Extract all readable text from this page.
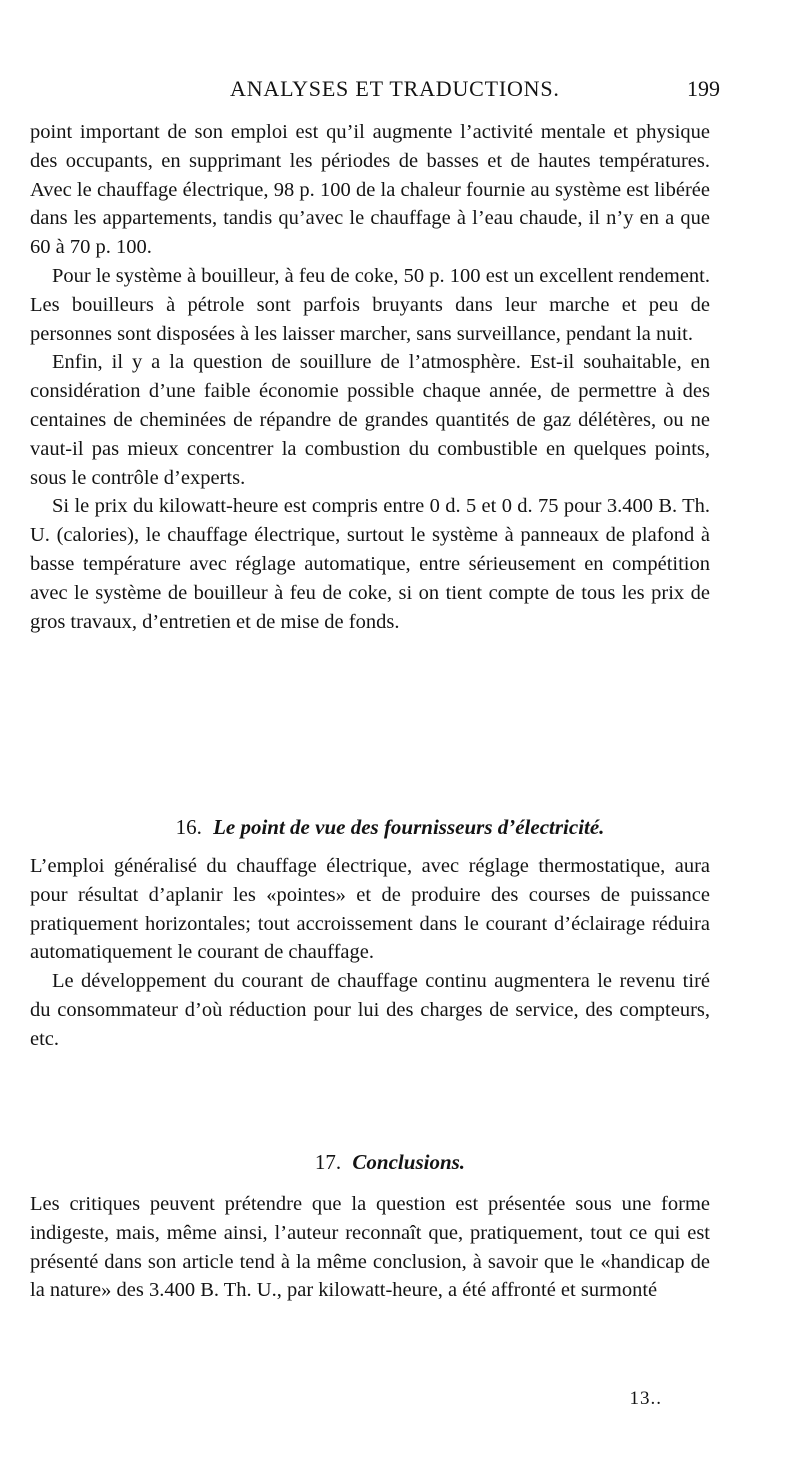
ANALYSES ET TRADUCTIONS.	199

point important de son emploi est qu’il augmente l’activité mentale et physique des occupants, en supprimant les périodes de basses et de hautes températures. Avec le chauffage électrique, 98 p. 100 de la chaleur fournie au système est libérée dans les appartements, tandis qu’avec le chauffage à l’eau chaude, il n’y en a que 60 à 70 p. 100.

Pour le système à bouilleur, à feu de coke, 50 p. 100 est un excellent rendement. Les bouilleurs à pétrole sont parfois bruyants dans leur marche et peu de personnes sont disposées à les laisser marcher, sans surveillance, pendant la nuit.

Enfin, il y a la question de souillure de l’atmosphère. Est-il souhaitable, en considération d’une faible économie possible chaque année, de permettre à des centaines de cheminées de répandre de grandes quantités de gaz délétères, ou ne vaut-il pas mieux concentrer la combustion du combustible en quelques points, sous le contrôle d’experts.

Si le prix du kilowatt-heure est compris entre 0 d. 5 et 0 d. 75 pour 3.400 B. Th. U. (calories), le chauffage électrique, surtout le système à panneaux de plafond à basse température avec réglage automatique, entre sérieusement en compétition avec le système de bouilleur à feu de coke, si on tient compte de tous les prix de gros travaux, d’entretien et de mise de fonds.

16. Le point de vue des fournisseurs d’électricité.

L’emploi généralisé du chauffage électrique, avec réglage thermostatique, aura pour résultat d’aplanir les «pointes» et de produire des courses de puissance pratiquement horizontales; tout accroissement dans le courant d’éclairage réduira automatiquement le courant de chauffage.

Le développement du courant de chauffage continu augmentera le revenu tiré du consommateur d’où réduction pour lui des charges de service, des compteurs, etc.

17. Conclusions.

Les critiques peuvent prétendre que la question est présentée sous une forme indigeste, mais, même ainsi, l’auteur reconnaît que, pratiquement, tout ce qui est présenté dans son article tend à la même conclusion, à savoir que le «handicap de la nature» des 3.400 B. Th. U., par kilowatt-heure, a été affronté et surmonté

13..
